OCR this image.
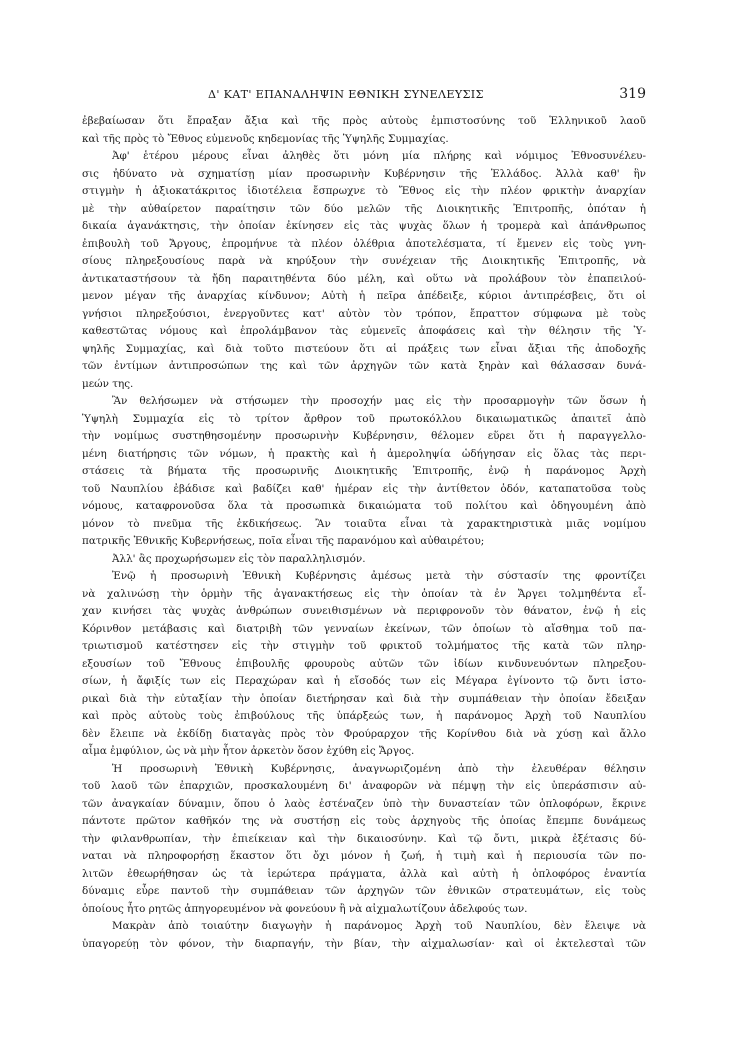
Δ' ΚΑΤ' ΕΠΑΝΑΛΗΨΙΝ ΕΘΝΙΚΗ ΣΥΝΕΛΕΥΣΙΣ	319
ἐβεβαίωσαν ὅτι ἔπραξαν ἄξια καὶ τῆς πρὸς αὐτοὺς ἐμπιστοσύνης τοῦ Ἑλληνικοῦ λαοῦ
καὶ τῆς πρὸς τὸ Ἔθνος εὐμενοῦς κηδεμονίας τῆς Ὑψηλῆς Συμμαχίας.
Ἀφ' ἑτέρου μέρους εἶναι ἀληθὲς ὅτι μόνη μία πλήρης καὶ νόμιμος Ἐθνοσυνέλευ-
σις ἠδύνατο νὰ σχηματίσῃ μίαν προσωρινὴν Κυβέρνησιν τῆς Ἑλλάδος. Ἀλλὰ καθ' ἣν
στιγμὴν ἡ ἀξιοκατάκριτος ἰδιοτέλεια ἔσπρωχνε τὸ Ἔθνος εἰς τὴν πλέον φρικτὴν ἀναρχίαν
μὲ τὴν αὐθαίρετον παραίτησιν τῶν δύο μελῶν τῆς Διοικητικῆς Ἐπιτροπῆς, ὁπόταν ἡ
δικαία ἀγανάκτησις, τὴν ὁποίαν ἐκίνησεν εἰς τὰς ψυχὰς ὅλων ἡ τρομερὰ καὶ ἀπάνθρωπος
ἐπιβουλὴ τοῦ Ἄργους, ἐπρομήνυε τὰ πλέον ὀλέθρια ἀποτελέσματα, τί ἔμενεν εἰς τοὺς γνη-
σίους πληρεξουσίους παρὰ νὰ κηρύξουν τὴν συνέχειαν τῆς Διοικητικῆς Ἐπιτροπῆς, νὰ
ἀντικαταστήσουν τὰ ἤδη παραιτηθέντα δύο μέλη, καὶ οὕτω νὰ προλάβουν τὸν ἐπαπειλού-
μενον μέγαν τῆς ἀναρχίας κίνδυνον; Αὐτὴ ἡ πεῖρα ἀπέδειξε, κύριοι ἀντιπρέσβεις, ὅτι οἱ
γνήσιοι πληρεξούσιοι, ἐνεργοῦντες κατ' αὐτὸν τὸν τρόπον, ἔπραττον σύμφωνα μὲ τοὺς
καθεστῶτας νόμους καὶ ἐπρολάμβανον τὰς εὐμενεῖς ἀποφάσεις καὶ τὴν θέλησιν τῆς Ὑ-
ψηλῆς Συμμαχίας, καὶ διὰ τοῦτο πιστεύουν ὅτι αἱ πράξεις των εἶναι ἄξιαι τῆς ἀποδοχῆς
τῶν ἐντίμων ἀντιπροσώπων της καὶ τῶν ἀρχηγῶν τῶν κατὰ ξηρὰν καὶ θάλασσαν δυνά-
μεών της.
Ἂν θελήσωμεν νὰ στήσωμεν τὴν προσοχήν μας εἰς τὴν προσαρμογὴν τῶν ὅσων ἡ
Ὑψηλὴ Συμμαχία εἰς τὸ τρίτον ἄρθρον τοῦ πρωτοκόλλου δικαιωματικῶς ἀπαιτεῖ ἀπὸ
τὴν νομίμως συστηθησομένην προσωρινὴν Κυβέρνησιν, θέλομεν εὕρει ὅτι ἡ παραγγελλο-
μένη διατήρησις τῶν νόμων, ἡ πρακτὴς καὶ ἡ ἀμεροληψία ὡδήγησαν εἰς ὅλας τὰς περι-
στάσεις τὰ βήματα τῆς προσωρινῆς Διοικητικῆς Ἐπιτροπῆς, ἐνῷ ἡ παράνομος Ἀρχὴ
τοῦ Ναυπλίου ἐβάδισε καὶ βαδίζει καθ' ἡμέραν εἰς τὴν ἀντίθετον ὁδόν, καταπατοῦσα τοὺς
νόμους, καταφρονοῦσα ὅλα τὰ προσωπικὰ δικαιώματα τοῦ πολίτου καὶ ὁδηγουμένη ἀπὸ
μόνον τὸ πνεῦμα τῆς ἐκδικήσεως. Ἂν τοιαῦτα εἶναι τὰ χαρακτηριστικὰ μιᾶς νομίμου
πατρικῆς Ἐθνικῆς Κυβερνήσεως, ποῖα εἶναι τῆς παρανόμου καὶ αὐθαιρέτου;
Ἀλλ' ἂς προχωρήσωμεν εἰς τὸν παραλληλισμόν.
Ἐνῷ ἡ προσωρινὴ Ἐθνικὴ Κυβέρνησις ἀμέσως μετὰ τὴν σύστασίν της φροντίζει
νὰ χαλινώσῃ τὴν ὁρμὴν τῆς ἀγανακτήσεως εἰς τὴν ὁποίαν τὰ ἐν Ἄργει τολμηθέντα εἶ-
χαν κινήσει τὰς ψυχὰς ἀνθρώπων συνειθισμένων νὰ περιφρονοῦν τὸν θάνατον, ἐνῷ ἡ εἰς
Κόρινθον μετάβασις καὶ διατριβὴ τῶν γενναίων ἐκείνων, τῶν ὁποίων τὸ αἴσθημα τοῦ πα-
τριωτισμοῦ κατέστησεν εἰς τὴν στιγμὴν τοῦ φρικτοῦ τολμήματος τῆς κατὰ τῶν πληρ-
εξουσίων τοῦ Ἔθνους ἐπιβουλῆς φρουροὺς αὐτῶν τῶν ἰδίων κινδυνευόντων πληρεξου-
σίων, ἡ ἄφιξίς των εἰς Περαχώραν καὶ ἡ εἴσοδός των εἰς Μέγαρα ἐγίνοντο τῷ ὄντι ἱστο-
ρικαὶ διὰ τὴν εὐταξίαν τὴν ὁποίαν διετήρησαν καὶ διὰ τὴν συμπάθειαν τὴν ὁποίαν ἔδειξαν
καὶ πρὸς αὐτοὺς τοὺς ἐπιβούλους τῆς ὑπάρξεώς των, ἡ παράνομος Ἀρχὴ τοῦ Ναυπλίου
δὲν ἔλειπε νὰ ἐκδίδῃ διαταγὰς πρὸς τὸν Φρούραρχον τῆς Κορίνθου διὰ νὰ χύσῃ καὶ ἄλλο
αἷμα ἐμφύλιον, ὡς νὰ μὴν ἦτον ἀρκετὸν ὅσον ἐχύθη εἰς Ἄργος.
Ἡ προσωρινὴ Ἐθνικὴ Κυβέρνησις, ἀναγνωριζομένη ἀπὸ τὴν ἐλευθέραν θέλησιν
τοῦ λαοῦ τῶν ἐπαρχιῶν, προσκαλουμένη δι' ἀναφορῶν νὰ πέμψῃ τὴν εἰς ὑπεράσπισιν αὐ-
τῶν ἀναγκαίαν δύναμιν, ὅπου ὁ λαὸς ἐστέναζεν ὑπὸ τὴν δυναστείαν τῶν ὁπλοφόρων, ἔκρινε
πάντοτε πρῶτον καθῆκόν της νὰ συστήσῃ εἰς τοὺς ἀρχηγοὺς τῆς ὁποίας ἔπεμπε δυνάμεως
τὴν φιλανθρωπίαν, τὴν ἐπιείκειαν καὶ τὴν δικαιοσύνην. Καὶ τῷ ὄντι, μικρὰ ἐξέτασις δύ-
ναται νὰ πληροφορήσῃ ἕκαστον ὅτι ὄχι μόνον ἡ ζωή, ἡ τιμὴ καὶ ἡ περιουσία τῶν πο-
λιτῶν ἐθεωρήθησαν ὡς τὰ ἱερώτερα πράγματα, ἀλλὰ καὶ αὐτὴ ἡ ὁπλοφόρος ἐναντία
δύναμις εὗρε παντοῦ τὴν συμπάθειαν τῶν ἀρχηγῶν τῶν ἐθνικῶν στρατευμάτων, εἰς τοὺς
ὁποίους ἦτο ρητῶς ἀπηγορευμένον νὰ φονεύουν ἢ νὰ αἰχμαλωτίζουν ἀδελφούς των.
Μακρὰν ἀπὸ τοιαύτην διαγωγὴν ἡ παράνομος Ἀρχὴ τοῦ Ναυπλίου, δὲν ἔλειψε νὰ
ὑπαγορεύῃ τὸν φόνον, τὴν διαρπαγήν, τὴν βίαν, τὴν αἰχμαλωσίαν· καὶ οἱ ἐκτελεσταὶ τῶν
